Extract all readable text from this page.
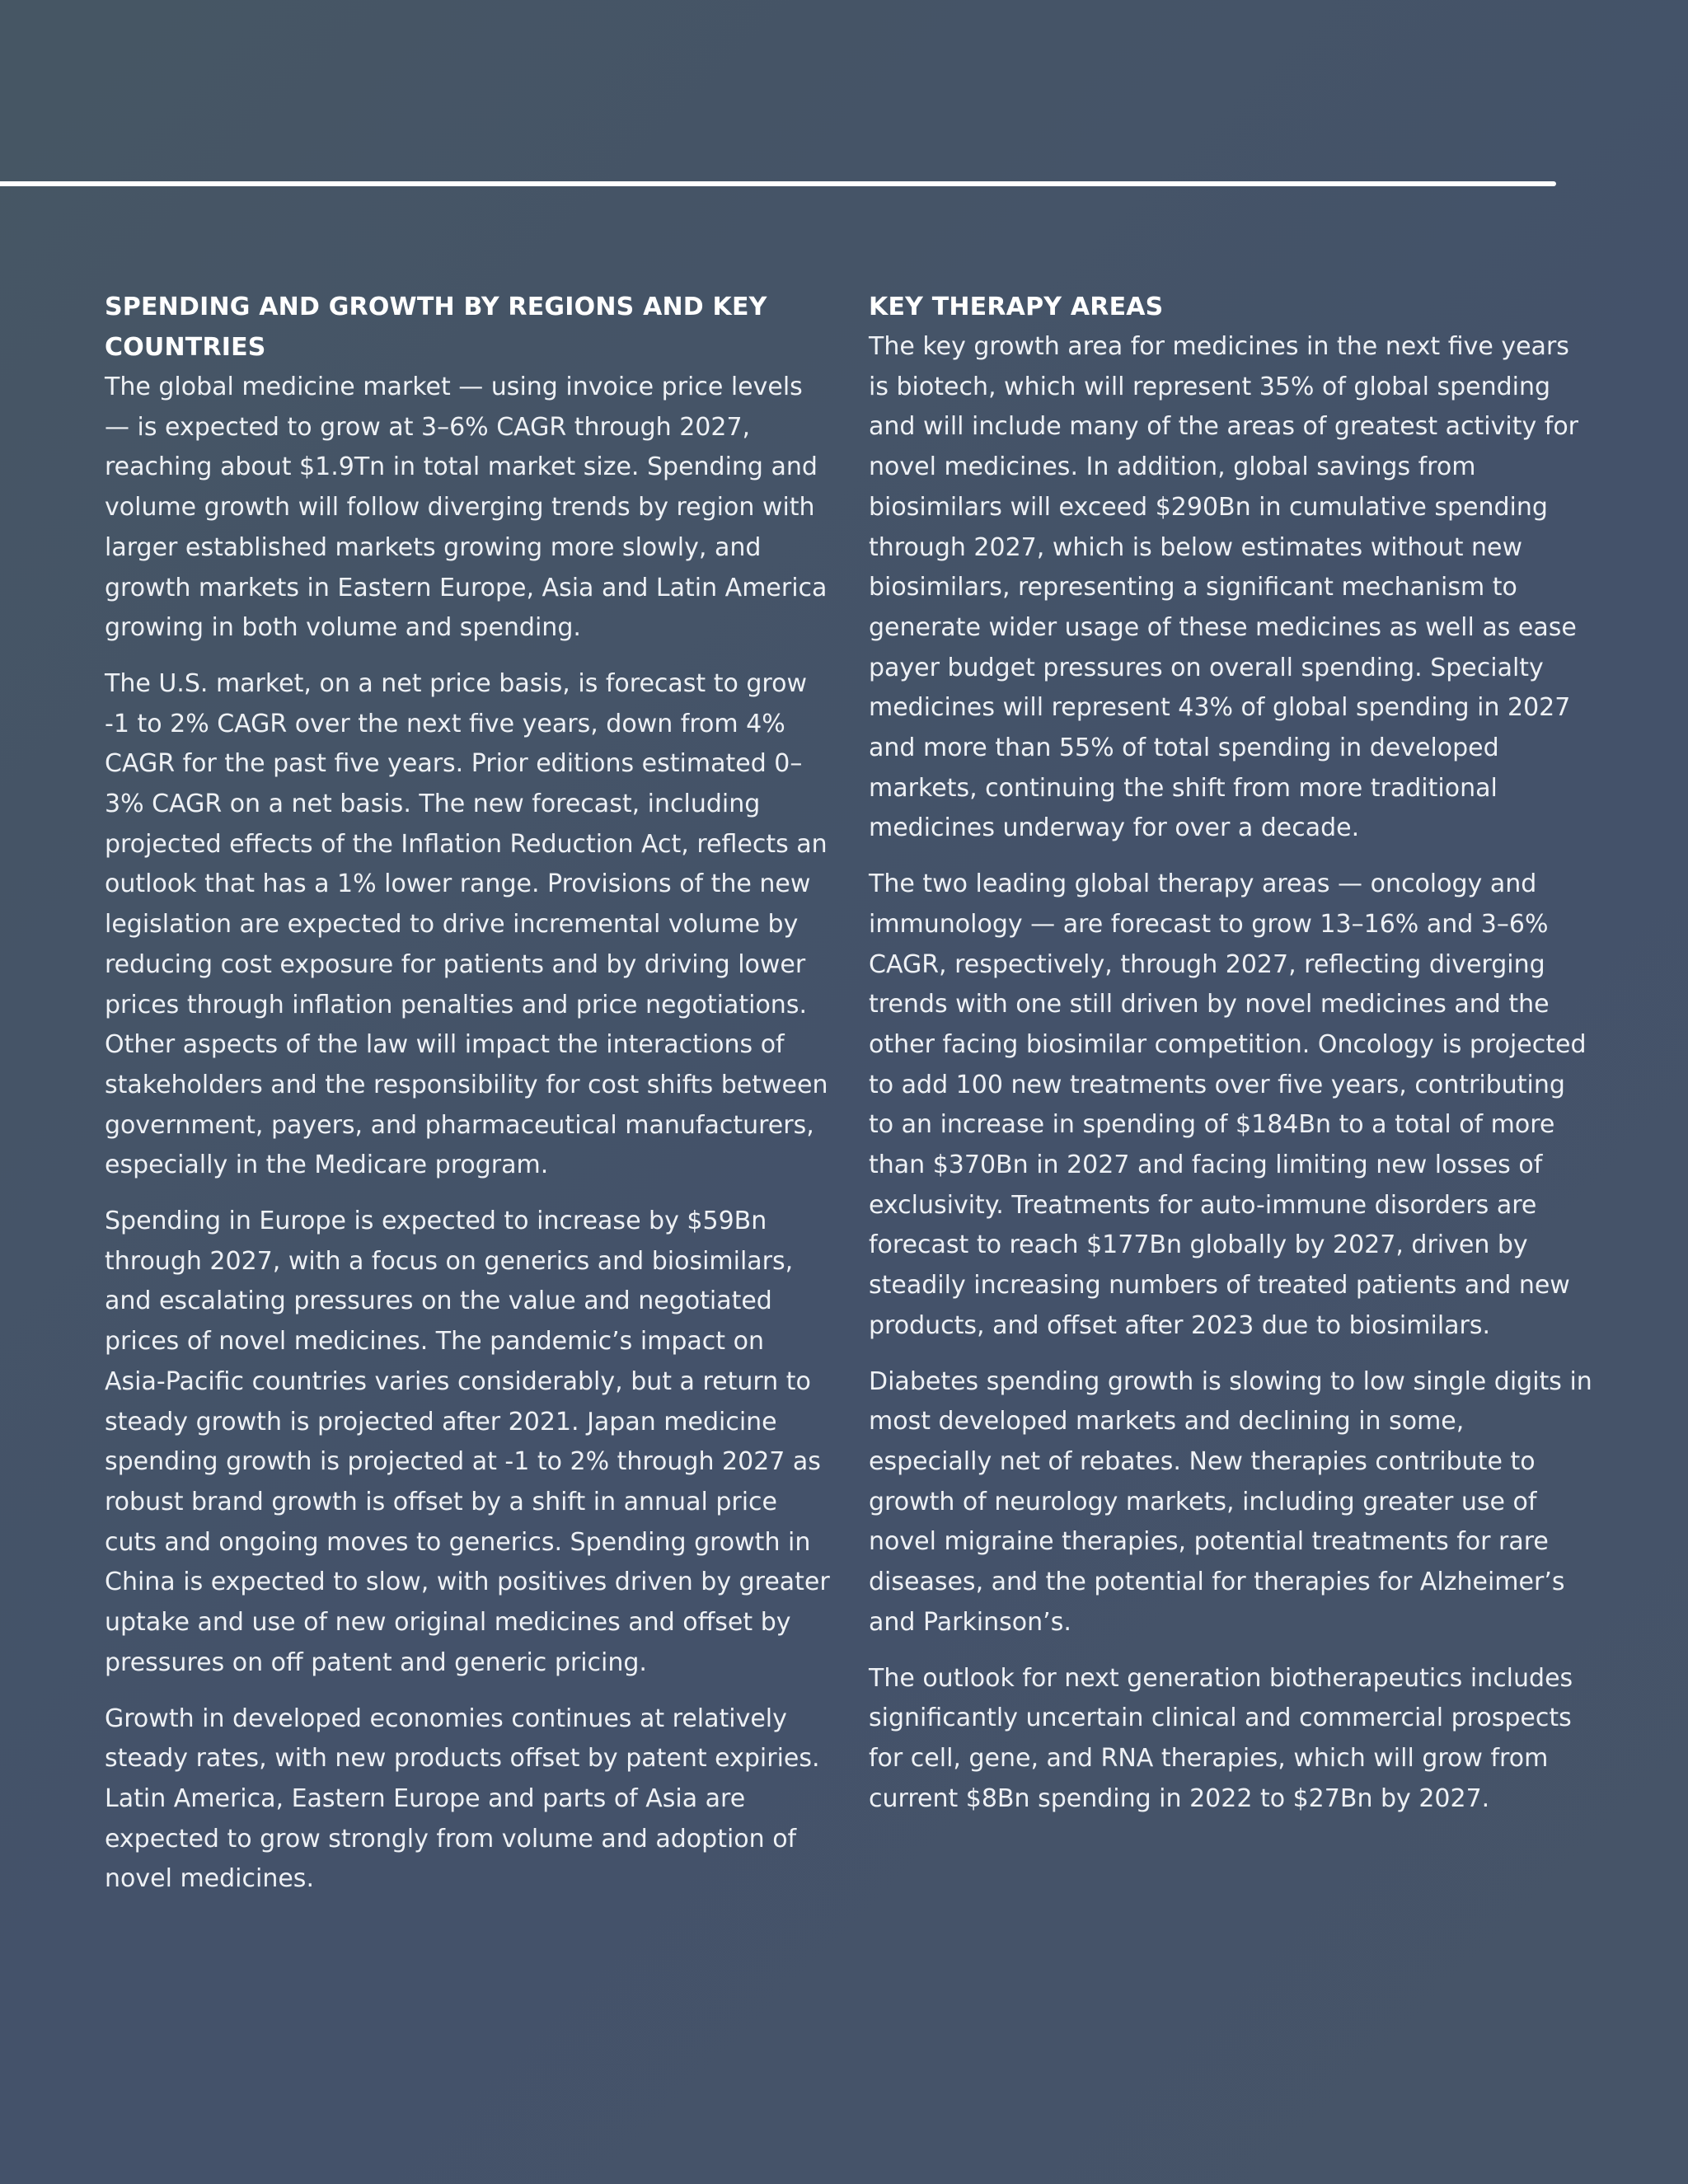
SPENDING AND GROWTH BY REGIONS AND KEY COUNTRIES

The global medicine market — using invoice price levels — is expected to grow at 3–6% CAGR through 2027, reaching about $1.9Tn in total market size. Spending and volume growth will follow diverging trends by region with larger established markets growing more slowly, and growth markets in Eastern Europe, Asia and Latin America growing in both volume and spending.

The U.S. market, on a net price basis, is forecast to grow -1 to 2% CAGR over the next five years, down from 4% CAGR for the past five years. Prior editions estimated 0–3% CAGR on a net basis. The new forecast, including projected effects of the Inflation Reduction Act, reflects an outlook that has a 1% lower range. Provisions of the new legislation are expected to drive incremental volume by reducing cost exposure for patients and by driving lower prices through inflation penalties and price negotiations. Other aspects of the law will impact the interactions of stakeholders and the responsibility for cost shifts between government, payers, and pharmaceutical manufacturers, especially in the Medicare program.

Spending in Europe is expected to increase by $59Bn through 2027, with a focus on generics and biosimilars, and escalating pressures on the value and negotiated prices of novel medicines. The pandemic’s impact on Asia-Pacific countries varies considerably, but a return to steady growth is projected after 2021. Japan medicine spending growth is projected at -1 to 2% through 2027 as robust brand growth is offset by a shift in annual price cuts and ongoing moves to generics. Spending growth in China is expected to slow, with positives driven by greater uptake and use of new original medicines and offset by pressures on off patent and generic pricing.

Growth in developed economies continues at relatively steady rates, with new products offset by patent expiries. Latin America, Eastern Europe and parts of Asia are expected to grow strongly from volume and adoption of novel medicines.

KEY THERAPY AREAS

The key growth area for medicines in the next five years is biotech, which will represent 35% of global spending and will include many of the areas of greatest activity for novel medicines. In addition, global savings from biosimilars will exceed $290Bn in cumulative spending through 2027, which is below estimates without new biosimilars, representing a significant mechanism to generate wider usage of these medicines as well as ease payer budget pressures on overall spending. Specialty medicines will represent 43% of global spending in 2027 and more than 55% of total spending in developed markets, continuing the shift from more traditional medicines underway for over a decade.

The two leading global therapy areas — oncology and immunology — are forecast to grow 13–16% and 3–6% CAGR, respectively, through 2027, reflecting diverging trends with one still driven by novel medicines and the other facing biosimilar competition. Oncology is projected to add 100 new treatments over five years, contributing to an increase in spending of $184Bn to a total of more than $370Bn in 2027 and facing limiting new losses of exclusivity. Treatments for auto-immune disorders are forecast to reach $177Bn globally by 2027, driven by steadily increasing numbers of treated patients and new products, and offset after 2023 due to biosimilars.

Diabetes spending growth is slowing to low single digits in most developed markets and declining in some, especially net of rebates. New therapies contribute to growth of neurology markets, including greater use of novel migraine therapies, potential treatments for rare diseases, and the potential for therapies for Alzheimer’s and Parkinson’s.

The outlook for next generation biotherapeutics includes significantly uncertain clinical and commercial prospects for cell, gene, and RNA therapies, which will grow from current $8Bn spending in 2022 to $27Bn by 2027.
